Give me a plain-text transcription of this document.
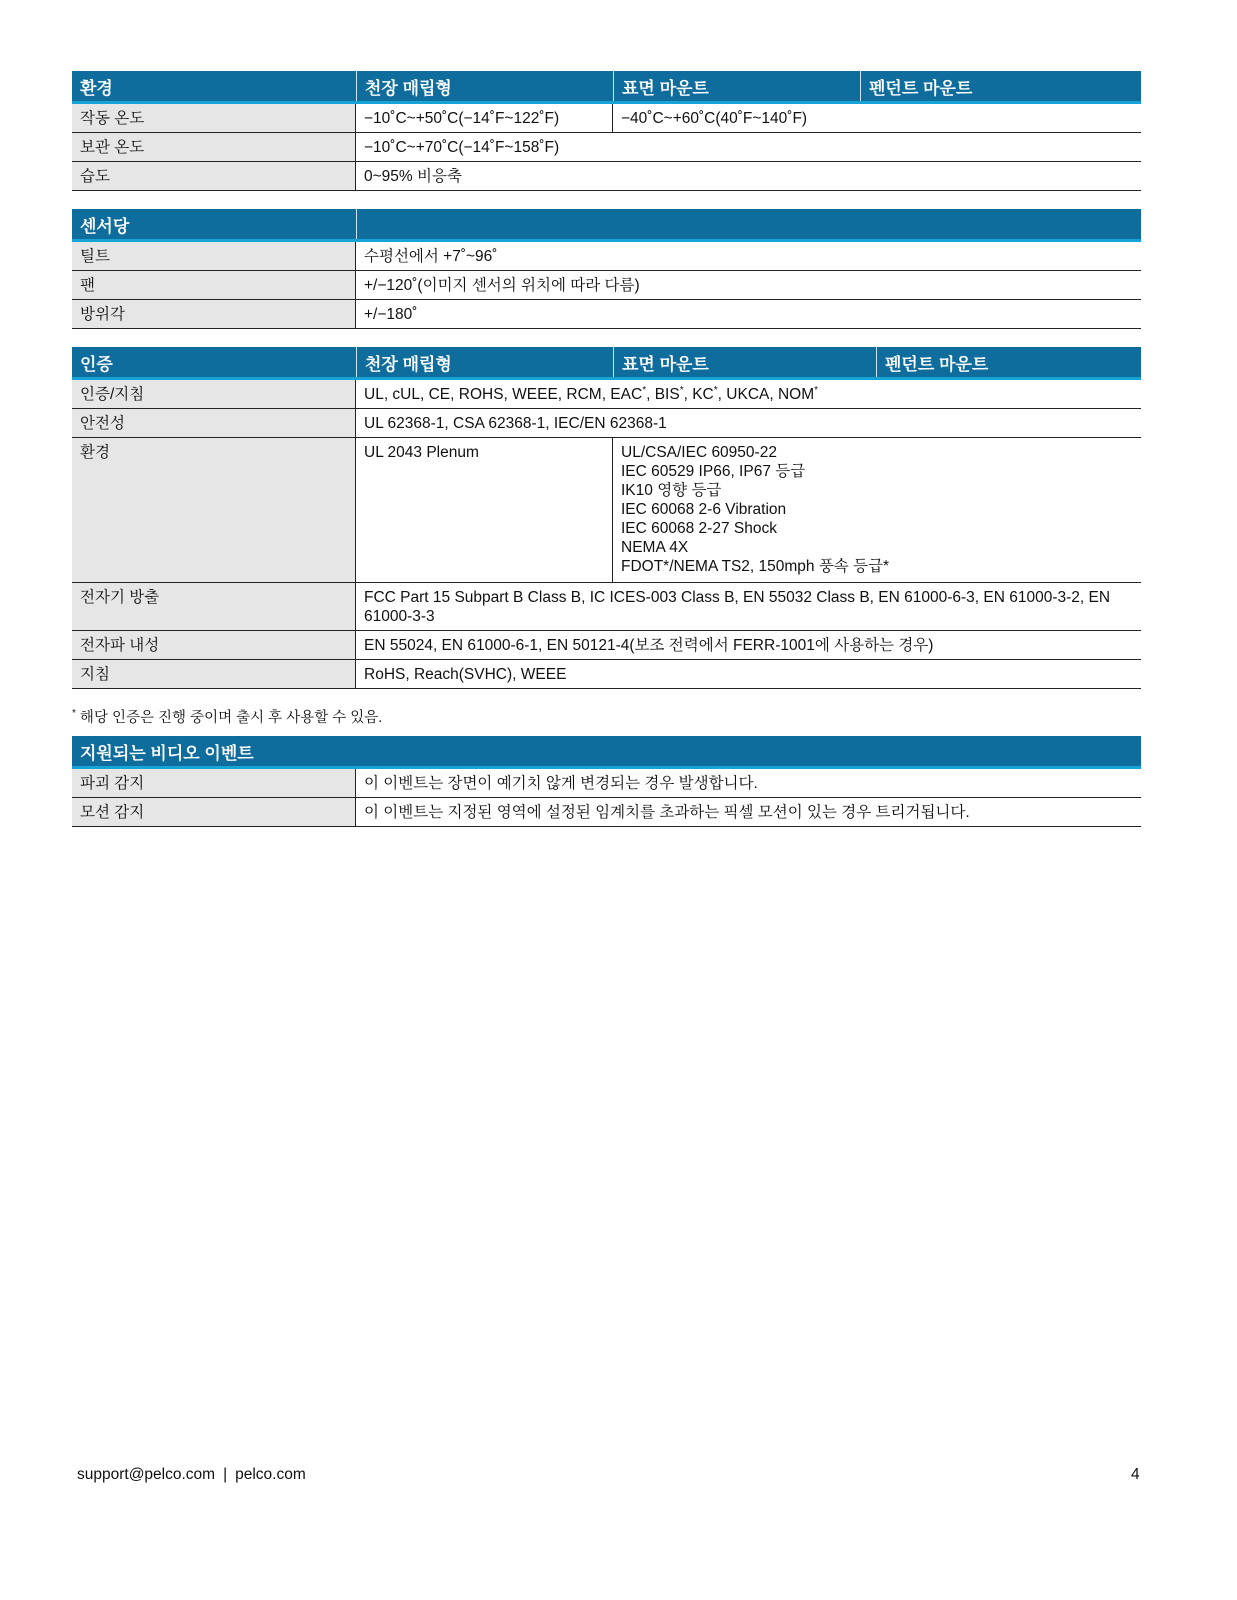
환경	천장 매립형	표면 마운트	펜던트 마운트
작동 온도	−10˚C~+50˚C(−14˚F~122˚F)	−40˚C~+60˚C(40˚F~140˚F)
보관 온도	−10˚C~+70˚C(−14˚F~158˚F)
습도	0~95% 비응축
센서당
틸트	수평선에서 +7˚~96˚
팬	+/−120˚(이미지 센서의 위치에 따라 다름)
방위각	+/−180˚
인증	천장 매립형	표면 마운트	펜던트 마운트
인증/지침	UL, cUL, CE, ROHS, WEEE, RCM, EAC*, BIS*, KC*, UKCA, NOM*
안전성	UL 62368-1, CSA 62368-1, IEC/EN 62368-1
환경	UL 2043 Plenum	UL/CSA/IEC 60950-22
IEC 60529 IP66, IP67 등급
IK10 영향 등급
IEC 60068 2-6 Vibration
IEC 60068 2-27 Shock
NEMA 4X
FDOT*/NEMA TS2, 150mph 풍속 등급*
전자기 방출	FCC Part 15 Subpart B Class B, IC ICES-003 Class B, EN 55032 Class B, EN 61000-6-3, EN 61000-3-2, EN 61000-3-3
전자파 내성	EN 55024, EN 61000-6-1, EN 50121-4(보조 전력에서 FERR-1001에 사용하는 경우)
지침	RoHS, Reach(SVHC), WEEE
* 해당 인증은 진행 중이며 출시 후 사용할 수 있음.
지원되는 비디오 이벤트
파괴 감지	이 이벤트는 장면이 예기치 않게 변경되는 경우 발생합니다.
모션 감지	이 이벤트는 지정된 영역에 설정된 임계치를 초과하는 픽셀 모션이 있는 경우 트리거됩니다.
support@pelco.com | pelco.com	4
